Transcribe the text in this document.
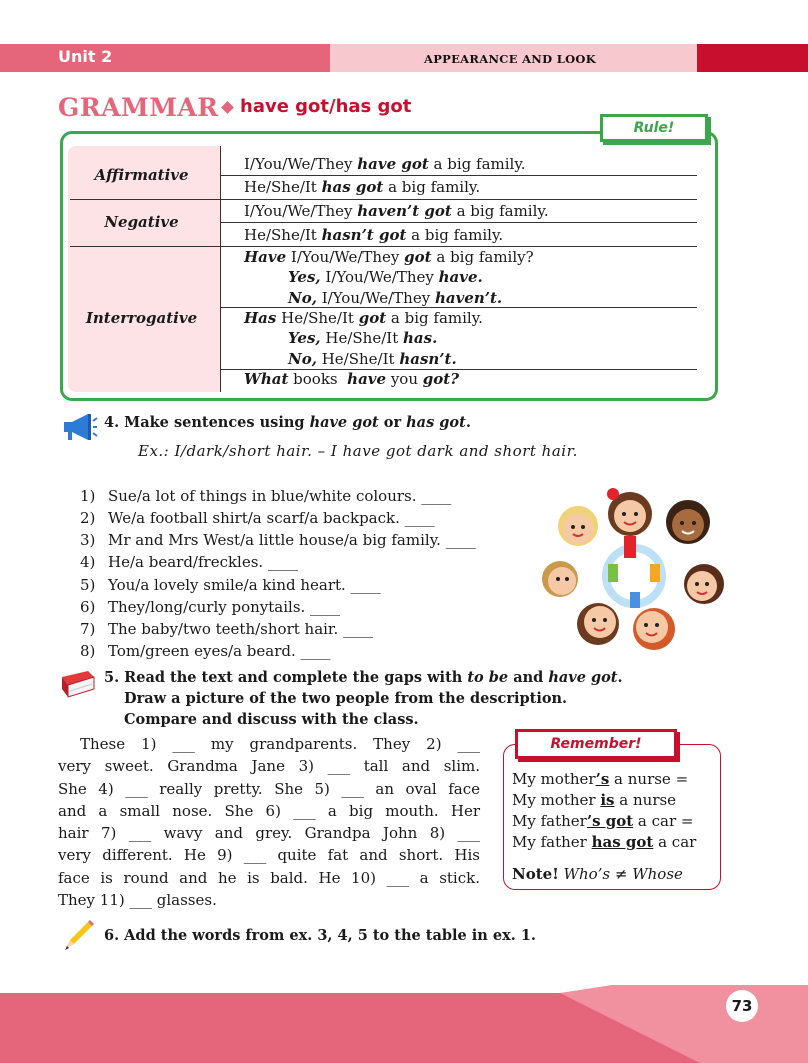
Unit 2	APPEARANCE AND LOOK
GRAMMAR have got/has got
Rule!
Affirmative
Negative
Interrogative
I/You/We/They have got a big family.
He/She/It has got a big family.
I/You/We/They haven’t got a big family.
He/She/It hasn’t got a big family.
Have I/You/We/They got a big family?
Yes, I/You/We/They have.
No, I/You/We/They haven’t.
Has He/She/It got a big family.
Yes, He/She/It has.
No, He/She/It hasn’t.
What books  have you got?
4. Make sentences using have got or has got.
Ex.: I/dark/short hair. – I have got dark and short hair.
1) Sue/a lot of things in blue/white colours. ____
2) We/a football shirt/a scarf/a backpack. ____
3) Mr and Mrs West/a little house/a big family. ____
4) He/a beard/freckles. ____
5) You/a lovely smile/a kind heart. ____
6) They/long/curly ponytails. ____
7) The baby/two teeth/short hair. ____
8) Tom/green eyes/a beard. ____
5. Read the text and complete the gaps with to be and have got.
Draw a picture of the two people from the description.
Compare and discuss with the class.
These 1) ___ my grandparents. They 2) ___
very sweet. Grandma Jane 3) ___ tall and slim.
She 4) ___ really pretty. She 5) ___ an oval face
and a small nose. She 6) ___ a big mouth. Her
hair 7) ___ wavy and grey. Grandpa John 8) ___
very different. He 9) ___ quite fat and short. His
face is round and he is bald. He 10) ___ a stick.
They 11) ___ glasses.
Remember!
My mother’s a nurse =
My mother is a nurse
My father’s got a car =
My father has got a car
Note! Who’s ≠ Whose
6. Add the words from ex. 3, 4, 5 to the table in ex. 1.
73
